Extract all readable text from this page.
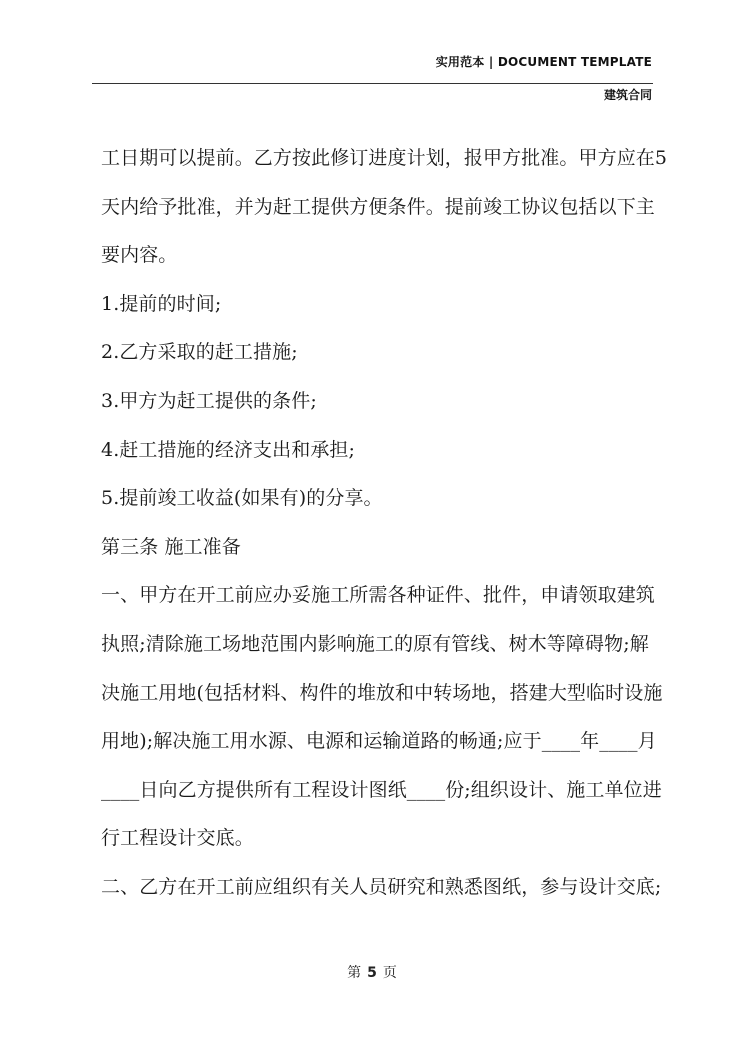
实用范本 | DOCUMENT TEMPLATE
建筑合同
工日期可以提前。乙方按此修订进度计划，报甲方批准。甲方应在5
天内给予批准，并为赶工提供方便条件。提前竣工协议包括以下主
要内容。
1.提前的时间;
2.乙方采取的赶工措施;
3.甲方为赶工提供的条件;
4.赶工措施的经济支出和承担;
5.提前竣工收益(如果有)的分享。
第三条 施工准备
一、甲方在开工前应办妥施工所需各种证件、批件，申请领取建筑
执照;清除施工场地范围内影响施工的原有管线、树木等障碍物;解
决施工用地(包括材料、构件的堆放和中转场地，搭建大型临时设施
用地);解决施工用水源、电源和运输道路的畅通;应于____年____月
____日向乙方提供所有工程设计图纸____份;组织设计、施工单位进
行工程设计交底。
二、乙方在开工前应组织有关人员研究和熟悉图纸，参与设计交底;
第 5 页
